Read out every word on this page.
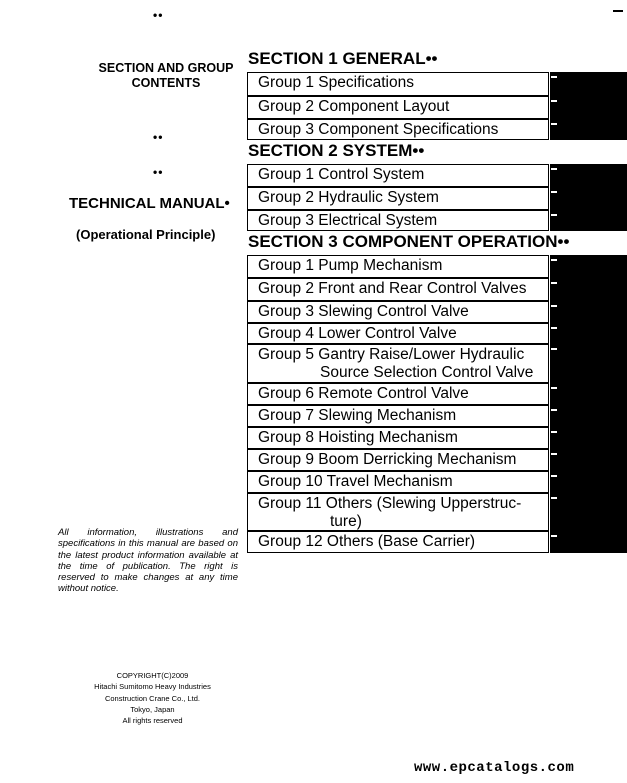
••
SECTION AND GROUP
CONTENTS
••
••
TECHNICAL MANUAL•
(Operational Principle)
All information, illustrations and specifications in this manual are based on the latest product information available at the time of publication. The right is reserved to make changes at any time without notice.
COPYRIGHT(C)2009
Hitachi Sumitomo Heavy Industries
Construction Crane Co., Ltd.
Tokyo, Japan
All rights reserved
SECTION 1 GENERAL••
Group 1 Specifications
Group 2 Component Layout
Group 3 Component Specifications
SECTION 2 SYSTEM••
Group 1 Control System
Group 2 Hydraulic System
Group 3 Electrical System
SECTION 3 COMPONENT OPERATION••
Group 1 Pump Mechanism
Group 2 Front and Rear Control Valves
Group 3 Slewing Control Valve
Group 4 Lower Control Valve
Group 5 Gantry Raise/Lower Hydraulic
Source Selection Control Valve
Group 6 Remote Control Valve
Group 7 Slewing Mechanism
Group 8 Hoisting Mechanism
Group 9 Boom Derricking Mechanism
Group 10 Travel Mechanism
Group 11 Others (Slewing Upperstruc-
ture)
Group 12 Others (Base Carrier)
www.epcatalogs.com
